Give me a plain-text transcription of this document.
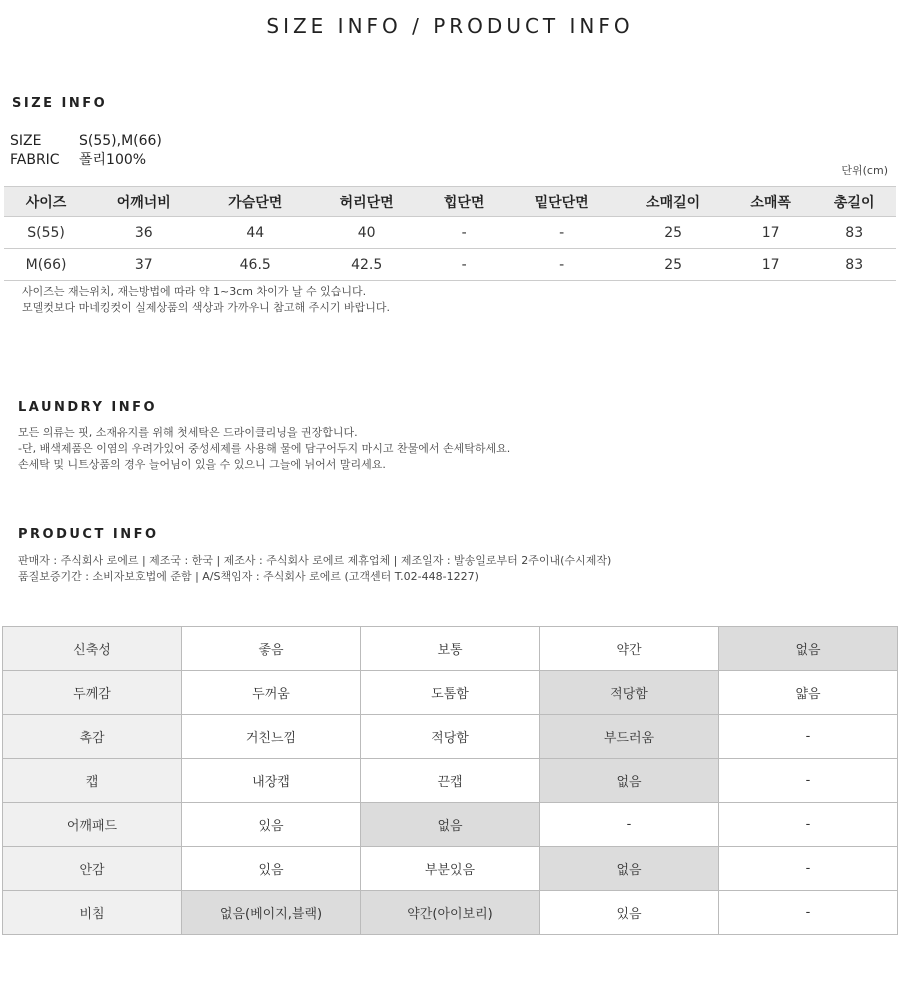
SIZE INFO / PRODUCT INFO
SIZE INFO
SIZE	S(55),M(66)
FABRIC 폴리100%
단위(cm)
사이즈	어깨너비	가슴단면	허리단면	힙단면	밑단단면	소매길이	소매폭	총길이
S(55)	36	44	40	-	-	25	17	83
M(66)	37	46.5	42.5	-	-	25	17	83
사이즈는 재는위치, 재는방법에 따라 약 1~3cm 차이가 날 수 있습니다.
모델컷보다 마네킹컷이 실제상품의 색상과 가까우니 참고해 주시기 바랍니다.
LAUNDRY INFO
모든 의류는 핏, 소재유지를 위해 첫세탁은 드라이클리닝을 권장합니다.
-단, 배색제품은 이염의 우려가있어 중성세제를 사용해 물에 담구어두지 마시고 찬물에서 손세탁하세요.
손세탁 및 니트상품의 경우 늘어님이 있을 수 있으니 그늘에 뉘어서 말리세요.
PRODUCT INFO
판매자 : 주식회사 로에르 | 제조국 : 한국 | 제조사 : 주식회사 로에르 제휴업체 | 제조일자 : 발송일로부터 2주이내(수시제작)
품질보증기간 : 소비자보호법에 준함 | A/S책임자 : 주식회사 로에르 (고객센터 T.02-448-1227)
신축성	좋음	보통	약간	없음
두께감	두꺼움	도톰함	적당함	얇음
촉감	거친느낌	적당함	부드러움	-
캡	내장캡	끈캡	없음	-
어깨패드	있음	없음	-	-
안감	있음	부분있음	없음	-
비침	없음(베이지,블랙)	약간(아이보리)	있음	-
